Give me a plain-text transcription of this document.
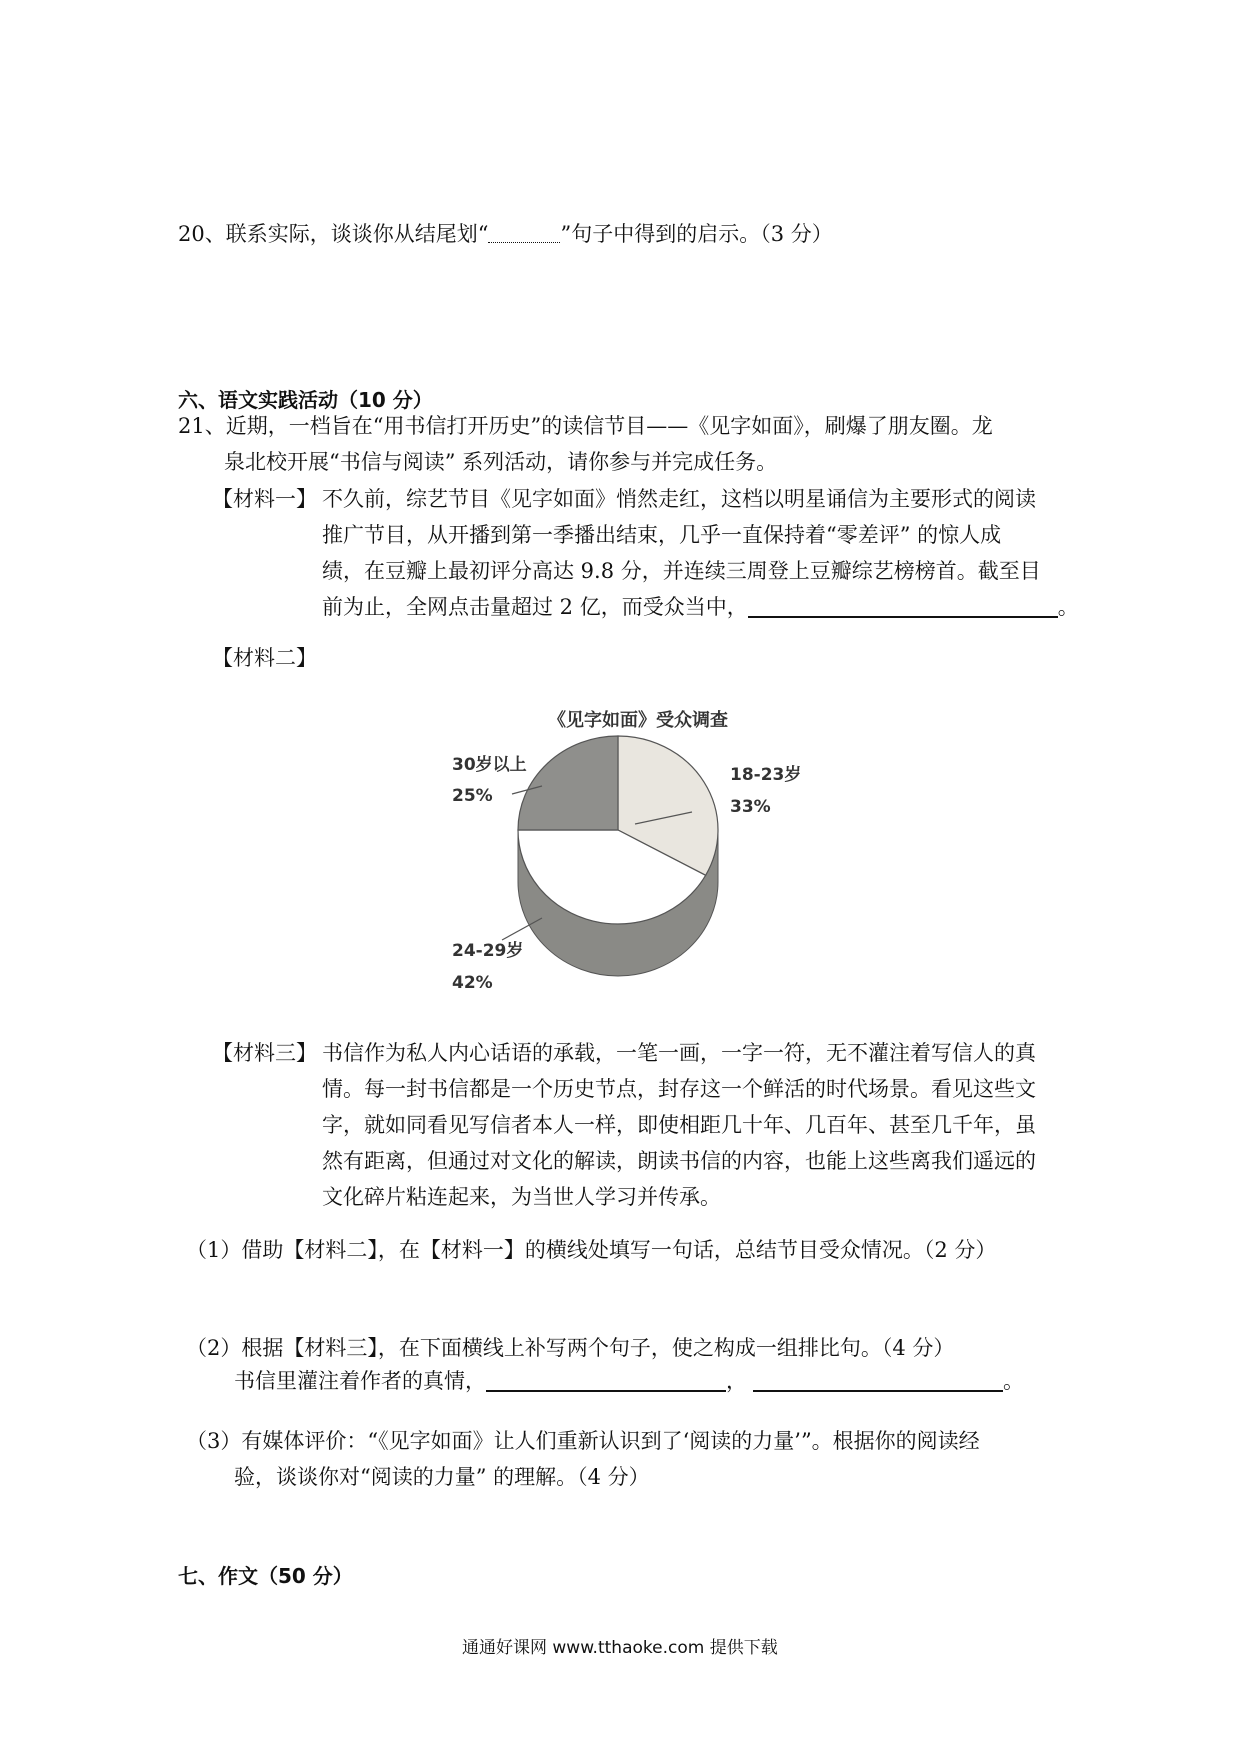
20、联系实际，谈谈你从结尾划“	”句子中得到的启示。（3 分）
六、语文实践活动（10 分）
21、近期，一档旨在“用书信打开历史”的读信节目——《见字如面》，刷爆了朋友圈。龙
泉北校开展“书信与阅读” 系列活动，请你参与并完成任务。
【材料一】 不久前，综艺节目《见字如面》悄然走红，这档以明星诵信为主要形式的阅读
推广节目，从开播到第一季播出结束，几乎一直保持着“零差评” 的惊人成
绩，在豆瓣上最初评分高达 9.8 分，并连续三周登上豆瓣综艺榜榜首。截至目
前为止，全网点击量超过 2 亿，而受众当中，	。
【材料二】
《见字如面》受众调查
30岁以上
25%
18-23岁
33%
24-29岁
42%
【材料三】 书信作为私人内心话语的承载，一笔一画，一字一符，无不灌注着写信人的真
情。每一封书信都是一个历史节点，封存这一个鲜活的时代场景。看见这些文
字，就如同看见写信者本人一样，即使相距几十年、几百年、甚至几千年，虽
然有距离，但通过对文化的解读，朗读书信的内容，也能上这些离我们遥远的
文化碎片粘连起来，为当世人学习并传承。
（1）借助【材料二】，在【材料一】的横线处填写一句话，总结节目受众情况。（2 分）
（2）根据【材料三】，在下面横线上补写两个句子，使之构成一组排比句。（4 分）
书信里灌注着作者的真情，	，	。
（3）有媒体评价：“《见字如面》让人们重新认识到了‘阅读的力量’”。根据你的阅读经
验，谈谈你对“阅读的力量” 的理解。（4 分）
七、作文（50 分）
通通好课网 www.tthaoke.com 提供下载
